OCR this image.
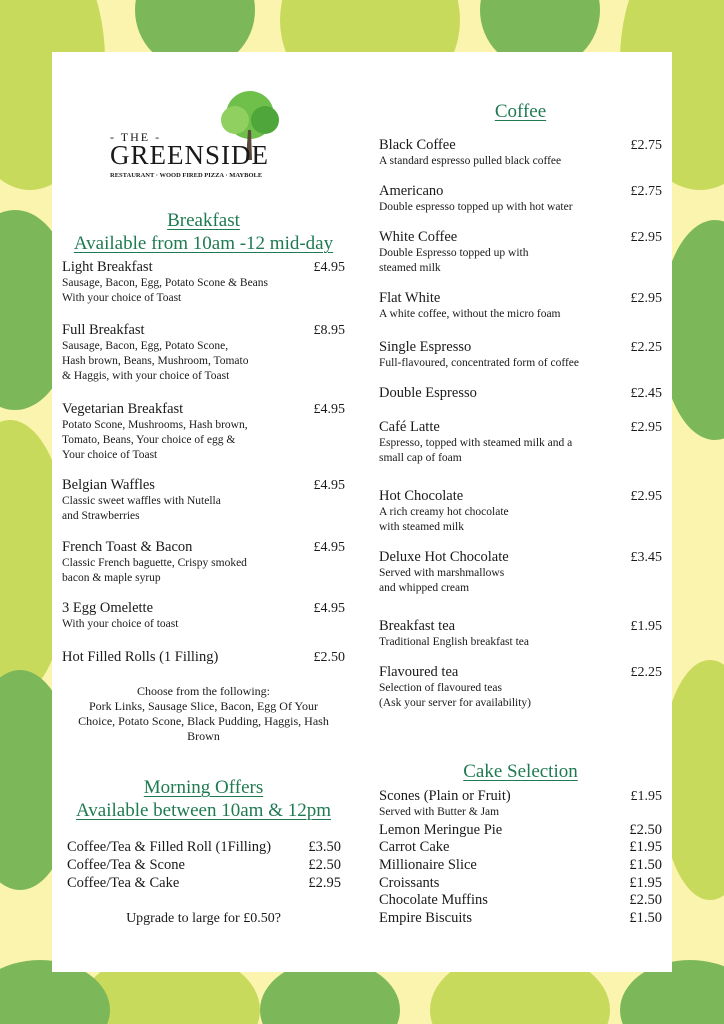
- THE -
GREENSIDE
RESTAURANT · WOOD FIRED PIZZA · MAYBOLE
Breakfast
Available from 10am -12 mid-day
Light Breakfast	£4.95
Sausage, Bacon, Egg, Potato Scone & Beans
With your choice of Toast
Full Breakfast	£8.95
Sausage, Bacon, Egg, Potato Scone,
Hash brown, Beans, Mushroom, Tomato
& Haggis, with your choice of Toast
Vegetarian Breakfast	£4.95
Potato Scone, Mushrooms, Hash brown,
Tomato, Beans, Your choice of egg &
Your choice of Toast
Belgian Waffles	£4.95
Classic sweet waffles with Nutella
and Strawberries
French Toast & Bacon	£4.95
Classic French baguette, Crispy smoked
bacon & maple syrup
3 Egg Omelette	£4.95
With your choice of toast
Hot Filled Rolls (1 Filling)	£2.50
Choose from the following:
Pork Links, Sausage Slice, Bacon, Egg Of Your Choice, Potato Scone, Black Pudding, Haggis, Hash Brown
Morning Offers
Available between 10am & 12pm
Coffee/Tea & Filled Roll (1Filling)	£3.50
Coffee/Tea & Scone	£2.50
Coffee/Tea & Cake	£2.95
Upgrade to large for £0.50?
Coffee
Black Coffee	£2.75
A standard espresso pulled black coffee
Americano	£2.75
Double espresso topped up with hot water
White Coffee	£2.95
Double Espresso topped up with
steamed milk
Flat White	£2.95
A white coffee, without the micro foam
Single Espresso	£2.25
Full-flavoured, concentrated form of coffee
Double Espresso	£2.45
Café Latte	£2.95
Espresso, topped with steamed milk and a
small cap of foam
Hot Chocolate	£2.95
A rich creamy hot chocolate
with steamed milk
Deluxe Hot Chocolate	£3.45
Served with marshmallows
and whipped cream
Breakfast tea	£1.95
Traditional English breakfast tea
Flavoured tea	£2.25
Selection of flavoured teas
(Ask your server for availability)
Cake Selection
Scones (Plain or Fruit)	£1.95
Served with Butter & Jam
Lemon Meringue Pie	£2.50
Carrot Cake	£1.95
Millionaire Slice	£1.50
Croissants	£1.95
Chocolate Muffins	£2.50
Empire Biscuits	£1.50
